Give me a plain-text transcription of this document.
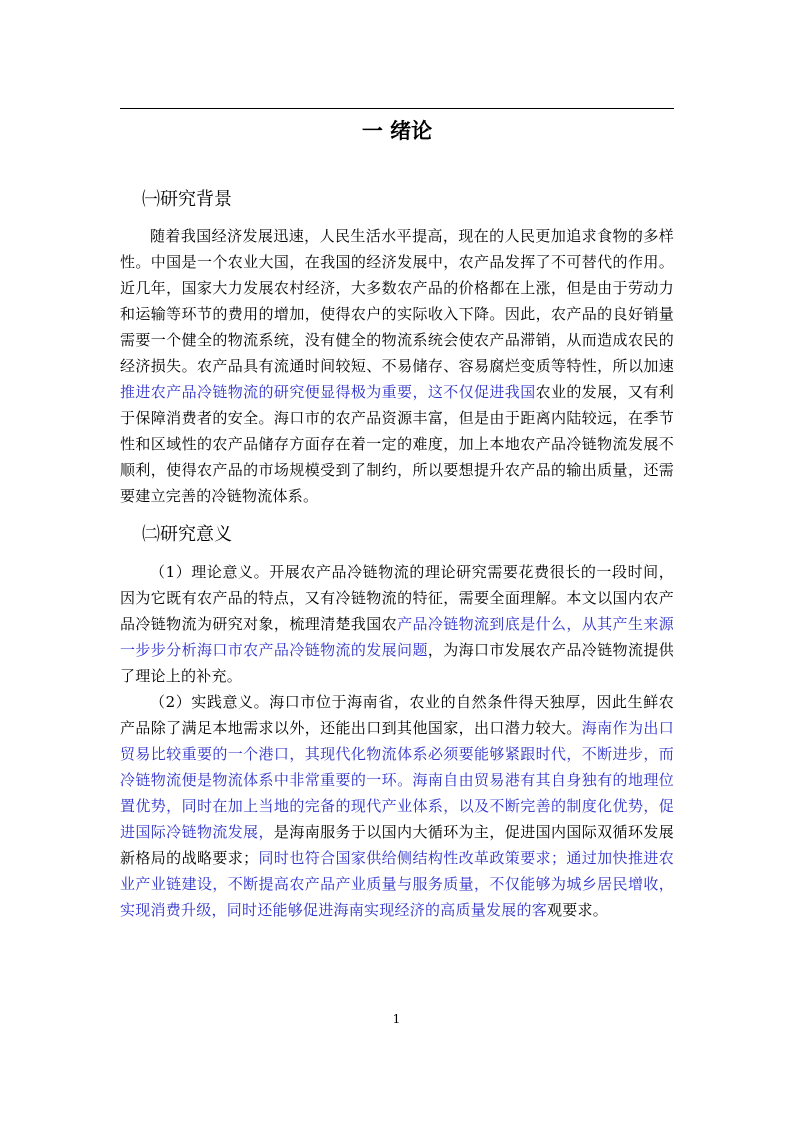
一 绪论
㈠研究背景

随着我国经济发展迅速，人民生活水平提高，现在的人民更加追求食物的多样性。中国是一个农业大国，在我国的经济发展中，农产品发挥了不可替代的作用。近几年，国家大力发展农村经济，大多数农产品的价格都在上涨，但是由于劳动力和运输等环节的费用的增加，使得农户的实际收入下降。因此，农产品的良好销量需要一个健全的物流系统，没有健全的物流系统会使农产品滞销，从而造成农民的经济损失。农产品具有流通时间较短、不易储存、容易腐烂变质等特性，所以加速推进农产品冷链物流的研究便显得极为重要，这不仅促进我国农业的发展，又有利于保障消费者的安全。海口市的农产品资源丰富，但是由于距离内陆较远，在季节性和区域性的农产品储存方面存在着一定的难度，加上本地农产品冷链物流发展不顺利，使得农产品的市场规模受到了制约，所以要想提升农产品的输出质量，还需要建立完善的冷链物流体系。

㈡研究意义

（1）理论意义。开展农产品冷链物流的理论研究需要花费很长的一段时间，因为它既有农产品的特点，又有冷链物流的特征，需要全面理解。本文以国内农产品冷链物流为研究对象，梳理清楚我国农产品冷链物流到底是什么，从其产生来源一步步分析海口市农产品冷链物流的发展问题，为海口市发展农产品冷链物流提供了理论上的补充。

（2）实践意义。海口市位于海南省，农业的自然条件得天独厚，因此生鲜农产品除了满足本地需求以外，还能出口到其他国家，出口潜力较大。海南作为出口贸易比较重要的一个港口，其现代化物流体系必须要能够紧跟时代，不断进步，而冷链物流便是物流体系中非常重要的一环。海南自由贸易港有其自身独有的地理位置优势，同时在加上当地的完备的现代产业体系，以及不断完善的制度化优势，促进国际冷链物流发展，是海南服务于以国内大循环为主，促进国内国际双循环发展新格局的战略要求；同时也符合国家供给侧结构性改革政策要求；通过加快推进农业产业链建设，不断提高农产品产业质量与服务质量，不仅能够为城乡居民增收，实现消费升级，同时还能够促进海南实现经济的高质量发展的客观要求。

1
